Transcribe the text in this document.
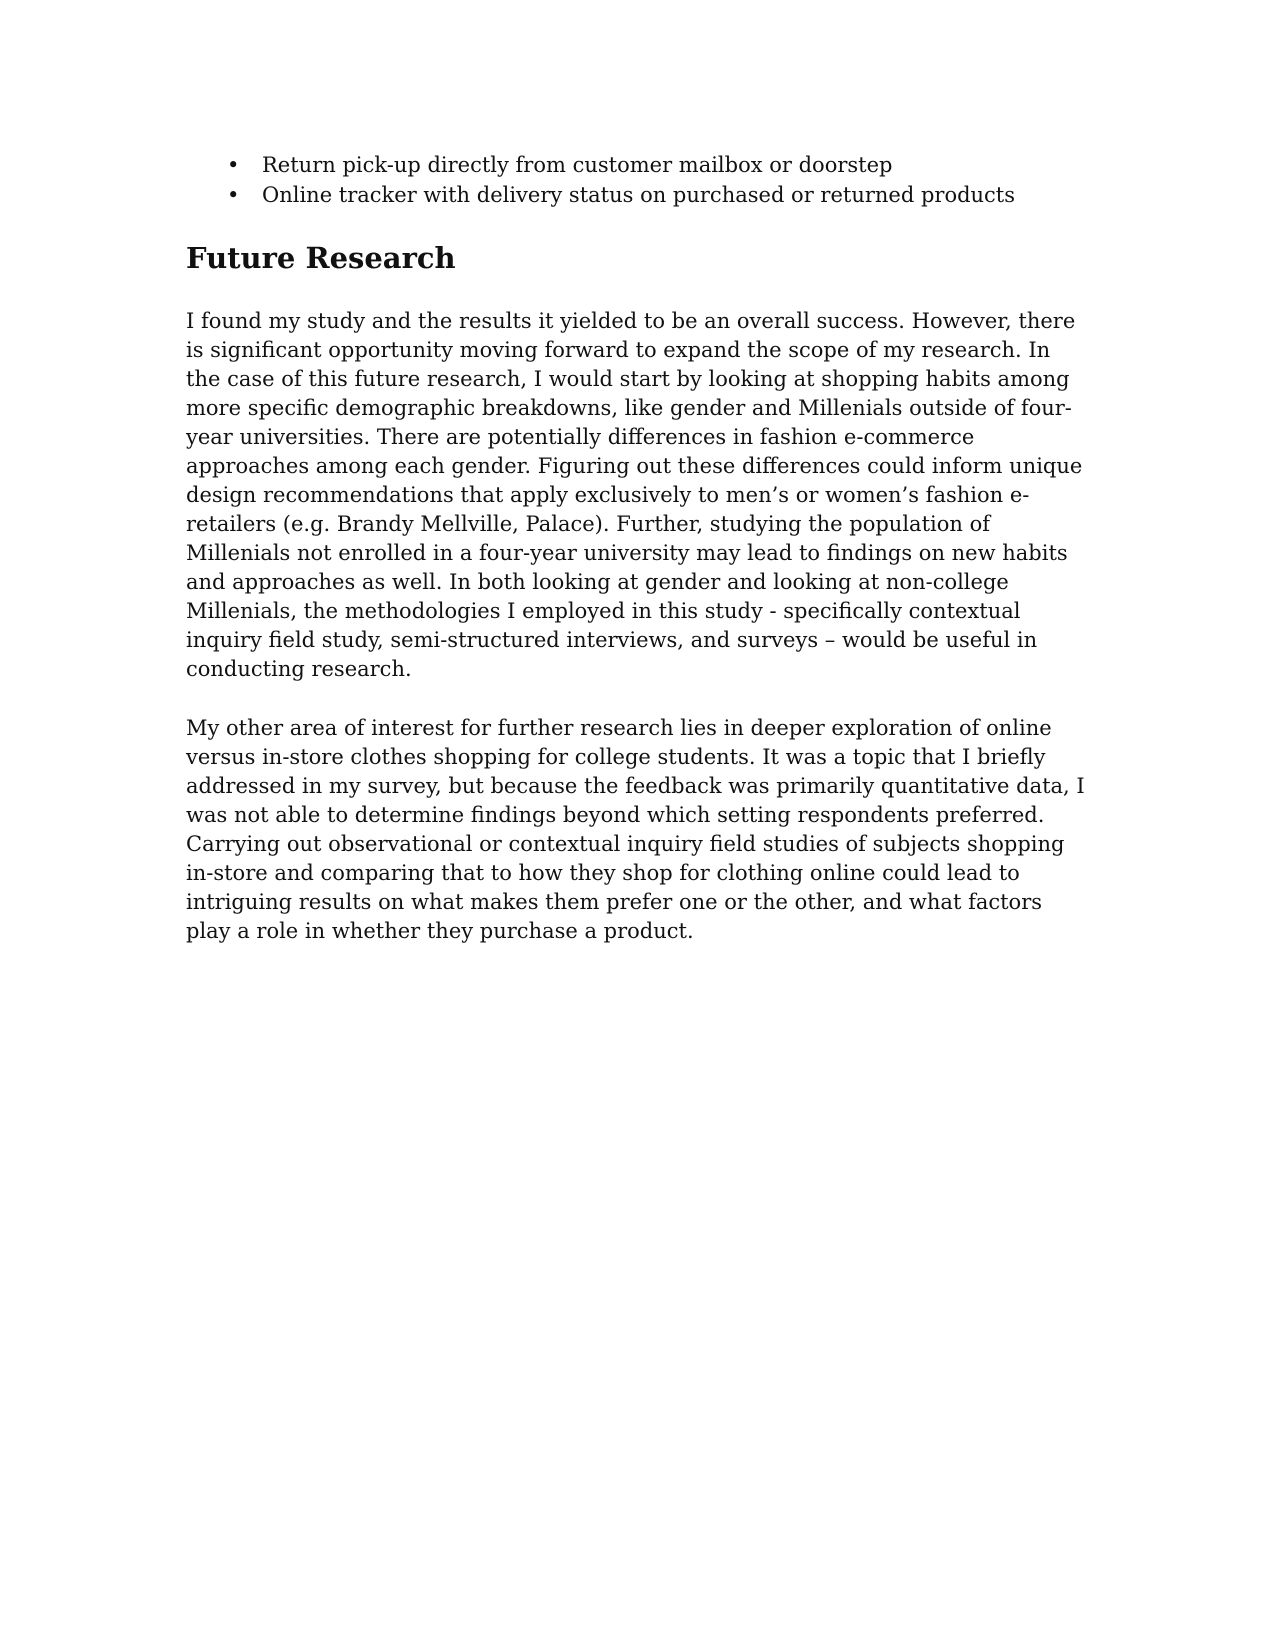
• Return pick-up directly from customer mailbox or doorstep
• Online tracker with delivery status on purchased or returned products
Future Research

I found my study and the results it yielded to be an overall success. However, there
is significant opportunity moving forward to expand the scope of my research. In
the case of this future research, I would start by looking at shopping habits among
more specific demographic breakdowns, like gender and Millenials outside of four-
year universities. There are potentially differences in fashion e-commerce
approaches among each gender. Figuring out these differences could inform unique
design recommendations that apply exclusively to men’s or women’s fashion e-
retailers (e.g. Brandy Mellville, Palace). Further, studying the population of
Millenials not enrolled in a four-year university may lead to findings on new habits
and approaches as well. In both looking at gender and looking at non-college
Millenials, the methodologies I employed in this study - specifically contextual
inquiry field study, semi-structured interviews, and surveys – would be useful in
conducting research.

My other area of interest for further research lies in deeper exploration of online
versus in-store clothes shopping for college students. It was a topic that I briefly
addressed in my survey, but because the feedback was primarily quantitative data, I
was not able to determine findings beyond which setting respondents preferred.
Carrying out observational or contextual inquiry field studies of subjects shopping
in-store and comparing that to how they shop for clothing online could lead to
intriguing results on what makes them prefer one or the other, and what factors
play a role in whether they purchase a product.
